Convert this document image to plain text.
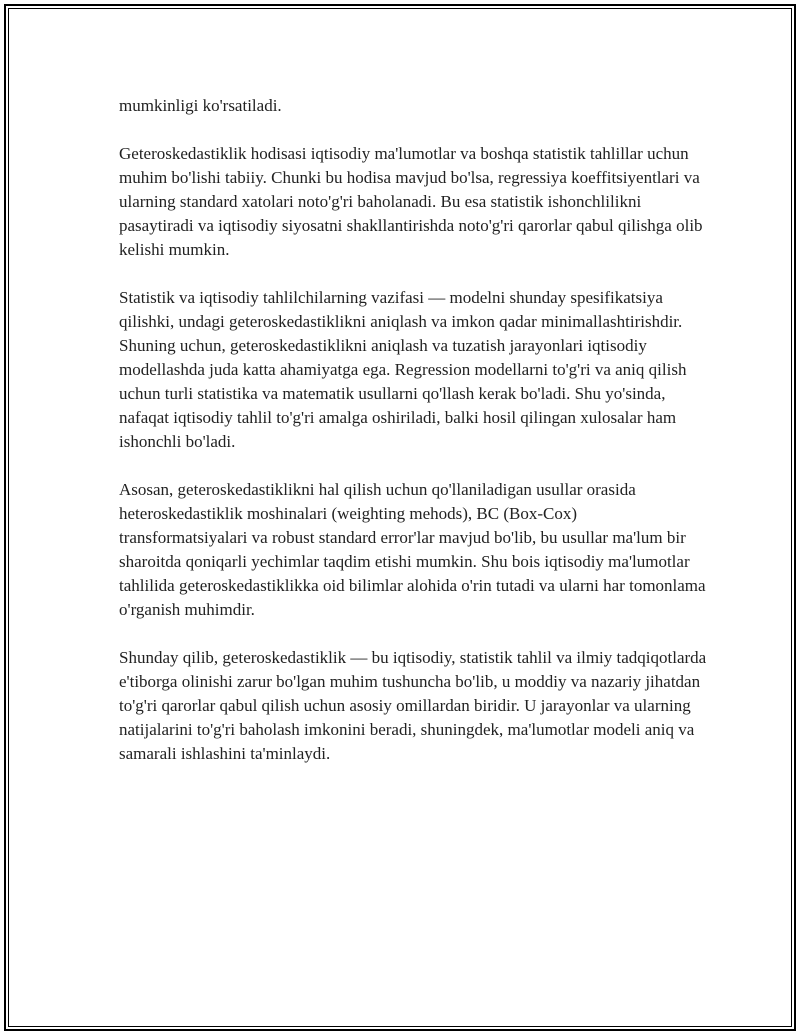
mumkinligi ko'rsatiladi.

Geteroskedastiklik hodisasi iqtisodiy ma'lumotlar va boshqa statistik tahlillar uchun muhim bo'lishi tabiiy. Chunki bu hodisa mavjud bo'lsa, regressiya koeffitsiyentlari va ularning standard xatolari noto'g'ri baholanadi. Bu esa statistik ishonchlilikni pasaytiradi va iqtisodiy siyosatni shakllantirishda noto'g'ri qarorlar qabul qilishga olib kelishi mumkin.

Statistik va iqtisodiy tahlilchilarning vazifasi — modelni shunday spesifikatsiya qilishki, undagi geteroskedastiklikni aniqlash va imkon qadar minimallashtirishdir. Shuning uchun, geteroskedastiklikni aniqlash va tuzatish jarayonlari iqtisodiy modellashda juda katta ahamiyatga ega. Regression modellarni to'g'ri va aniq qilish uchun turli statistika va matematik usullarni qo'llash kerak bo'ladi. Shu yo'sinda, nafaqat iqtisodiy tahlil to'g'ri amalga oshiriladi, balki hosil qilingan xulosalar ham ishonchli bo'ladi.

Asosan, geteroskedastiklikni hal qilish uchun qo'llaniladigan usullar orasida heteroskedastiklik moshinalari (weighting mehods), BC (Box-Cox) transformatsiyalari va robust standard error'lar mavjud bo'lib, bu usullar ma'lum bir sharoitda qoniqarli yechimlar taqdim etishi mumkin. Shu bois iqtisodiy ma'lumotlar tahlilida geteroskedastiklikka oid bilimlar alohida o'rin tutadi va ularni har tomonlama o'rganish muhimdir.

Shunday qilib, geteroskedastiklik — bu iqtisodiy, statistik tahlil va ilmiy tadqiqotlarda e'tiborga olinishi zarur bo'lgan muhim tushuncha bo'lib, u moddiy va nazariy jihatdan to'g'ri qarorlar qabul qilish uchun asosiy omillardan biridir. U jarayonlar va ularning natijalarini to'g'ri baholash imkonini beradi, shuningdek, ma'lumotlar modeli aniq va samarali ishlashini ta'minlaydi.
